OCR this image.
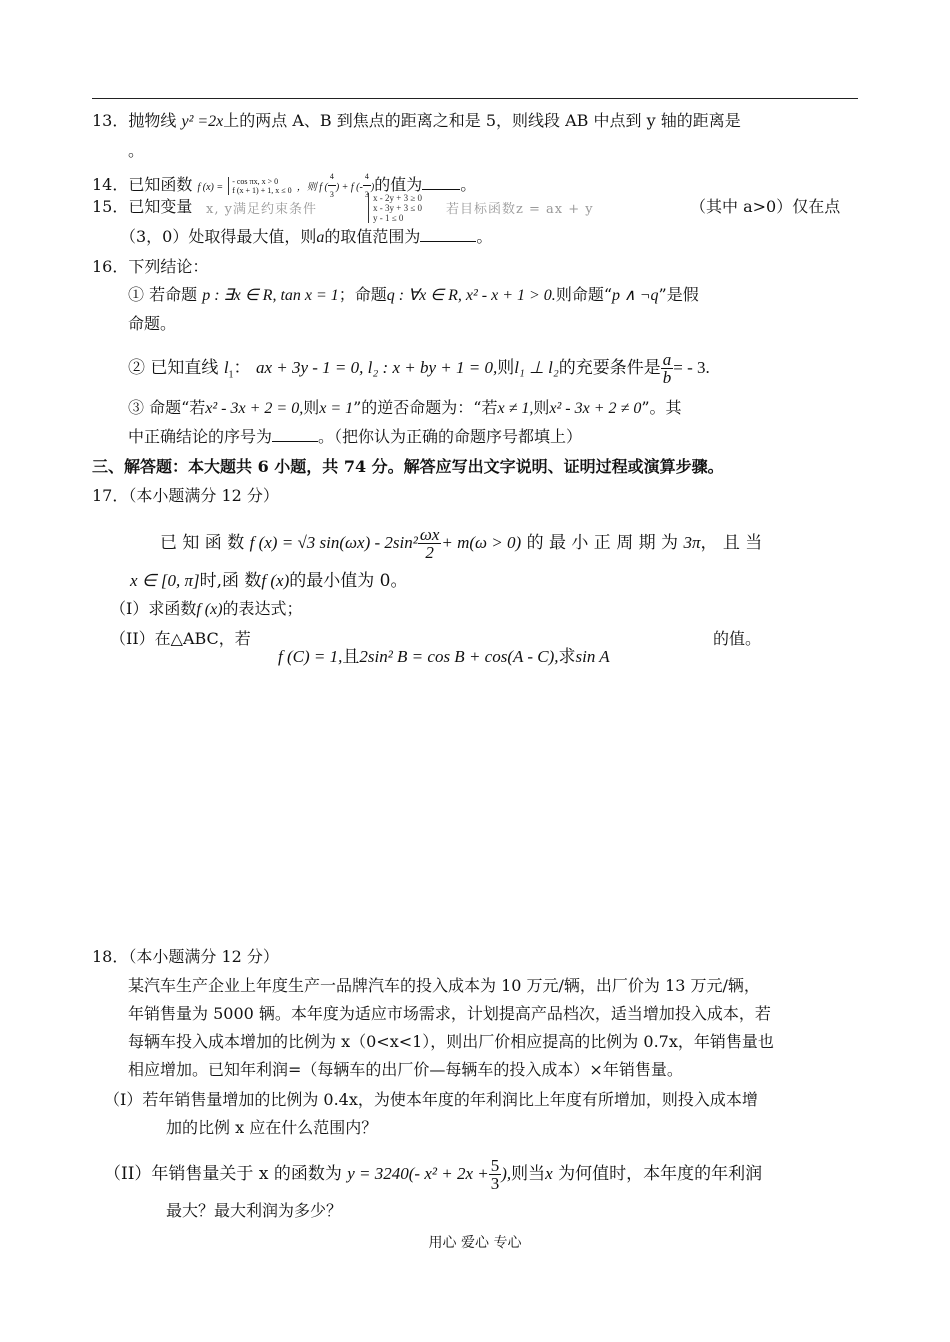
13．抛物线 y² =2x上的两点 A、B 到焦点的距离之和是 5，则线段 AB 中点到 y 轴的距离是
。
14．已知函数 f (x) =
- cos πx, x > 0
f (x + 1) + 1, x ≤ 0 ，则 f ( $\frac{4}{3}$ ) + f (- $\frac{4}{3}$ )的值为 。
15．已知变量 x, y满足约束条件
x - 2y + 3 ≥ 0
x - 3y + 3 ≤ 0
y - 1 ≤ 0
若目标函数z = ax + y	（其中 a>0）仅在点
（3，0）处取得最大值，则a的取值范围为	。
16．下列结论：
① 若命题 p : ∃x ∈ R, tan x = 1；命题q : ∀x ∈ R, x² - x + 1 > 0.则命题“p ∧ ¬q”是假
命题。
② 已知直线 $l_1$： ax + 3y - 1 = 0, l₂ : x + by + 1 = 0,则l₁ ⊥ l₂的充要条件是 $\frac{a}{b}$ = - 3.
③ 命题“若x² - 3x + 2 = 0,则x = 1”的逆否命题为：“若x ≠ 1,则x² - 3x + 2 ≠ 0”。其
中正确结论的序号为	。（把你认为正确的命题序号都填上）
三、解答题：本大题共 6 小题，共 74 分。解答应写出文字说明、证明过程或演算步骤。
17．（本小题满分 12 分）
已 知 函 数 f (x) = √3 $\sin(\omega x) - 2\sin^2 \frac{\omega x}{2} + m(\omega > 0)$ 的 最 小 正 周 期 为 3π， 且 当
x ∈ [0, π]时,函 数f (x)的最小值为 0。
（I）求函数f (x)的表达式；
（II）在△ABC，若
f (C) = 1,且2sin² B = cos B + cos(A - C),求sin A
的值。
18．（本小题满分 12 分）
某汽车生产企业上年度生产一品牌汽车的投入成本为 10 万元/辆，出厂价为 13 万元/辆，
年销售量为 5000 辆。本年度为适应市场需求，计划提高产品档次，适当增加投入成本，若
每辆车投入成本增加的比例为 x（0<x<1），则出厂价相应提高的比例为 0.7x，年销售量也
相应增加。已知年利润=（每辆车的出厂价—每辆车的投入成本）×年销售量。
（I）若年销售量增加的比例为 0.4x，为使本年度的年利润比上年度有所增加，则投入成本增
加的比例 x 应在什么范围内？
（II）年销售量关于 x 的函数为 y = 3240(- $x^2 + 2x + \frac{5}{3}$ ),则当x 为何值时，本年度的年利润
最大？最大利润为多少？
用心 爱心 专心
